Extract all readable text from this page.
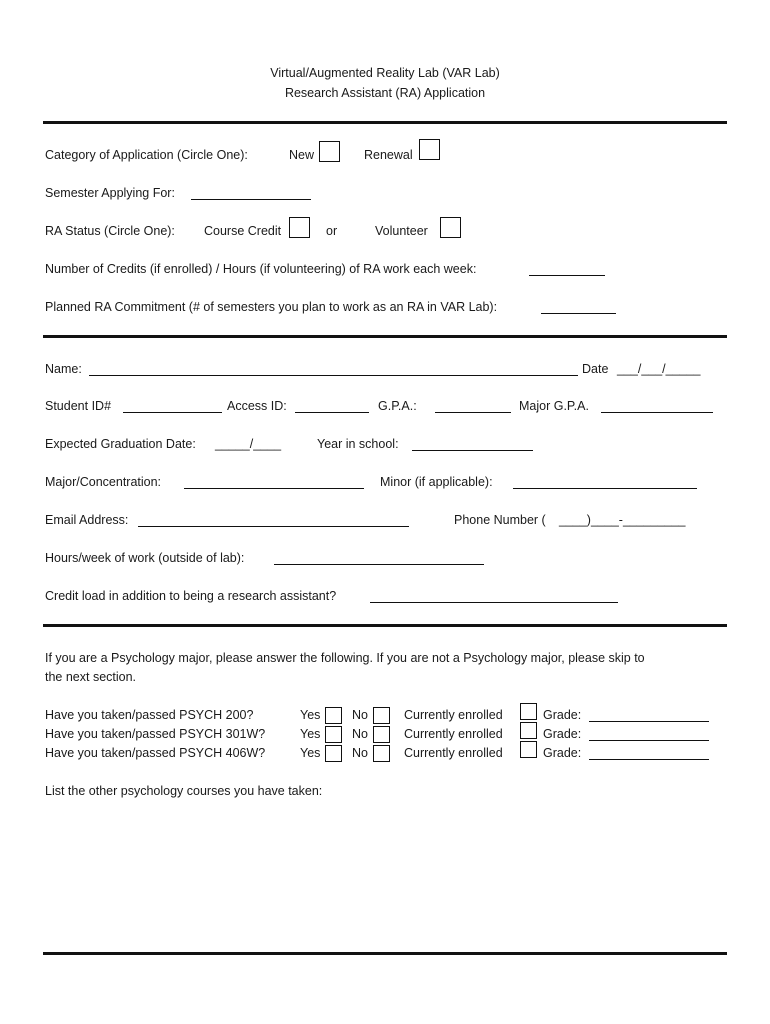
Virtual/Augmented Reality Lab (VAR Lab)
Research Assistant (RA) Application
Category of Application (Circle One):	New	Renewal
Semester Applying For:
RA Status (Circle One): Course Credit	or	Volunteer
Number of Credits (if enrolled) / Hours (if volunteering) of RA work each week:
Planned RA Commitment (# of semesters you plan to work as an RA in VAR Lab):
Name:	Date ___/___/_____
Student ID#	Access ID:	G.P.A.:	Major G.P.A.
Expected Graduation Date: _____/____	Year in school:
Major/Concentration:	Minor (if applicable):
Email Address:	Phone Number ( ____)____-_________
Hours/week of work (outside of lab):
Credit load in addition to being a research assistant?
If you are a Psychology major, please answer the following. If you are not a Psychology major, please skip to
the next section.
Have you taken/passed PSYCH 200?	Yes	No	Currently enrolled	Grade:
Have you taken/passed PSYCH 301W?	Yes	No	Currently enrolled	Grade:
Have you taken/passed PSYCH 406W?	Yes	No	Currently enrolled	Grade:
List the other psychology courses you have taken:
